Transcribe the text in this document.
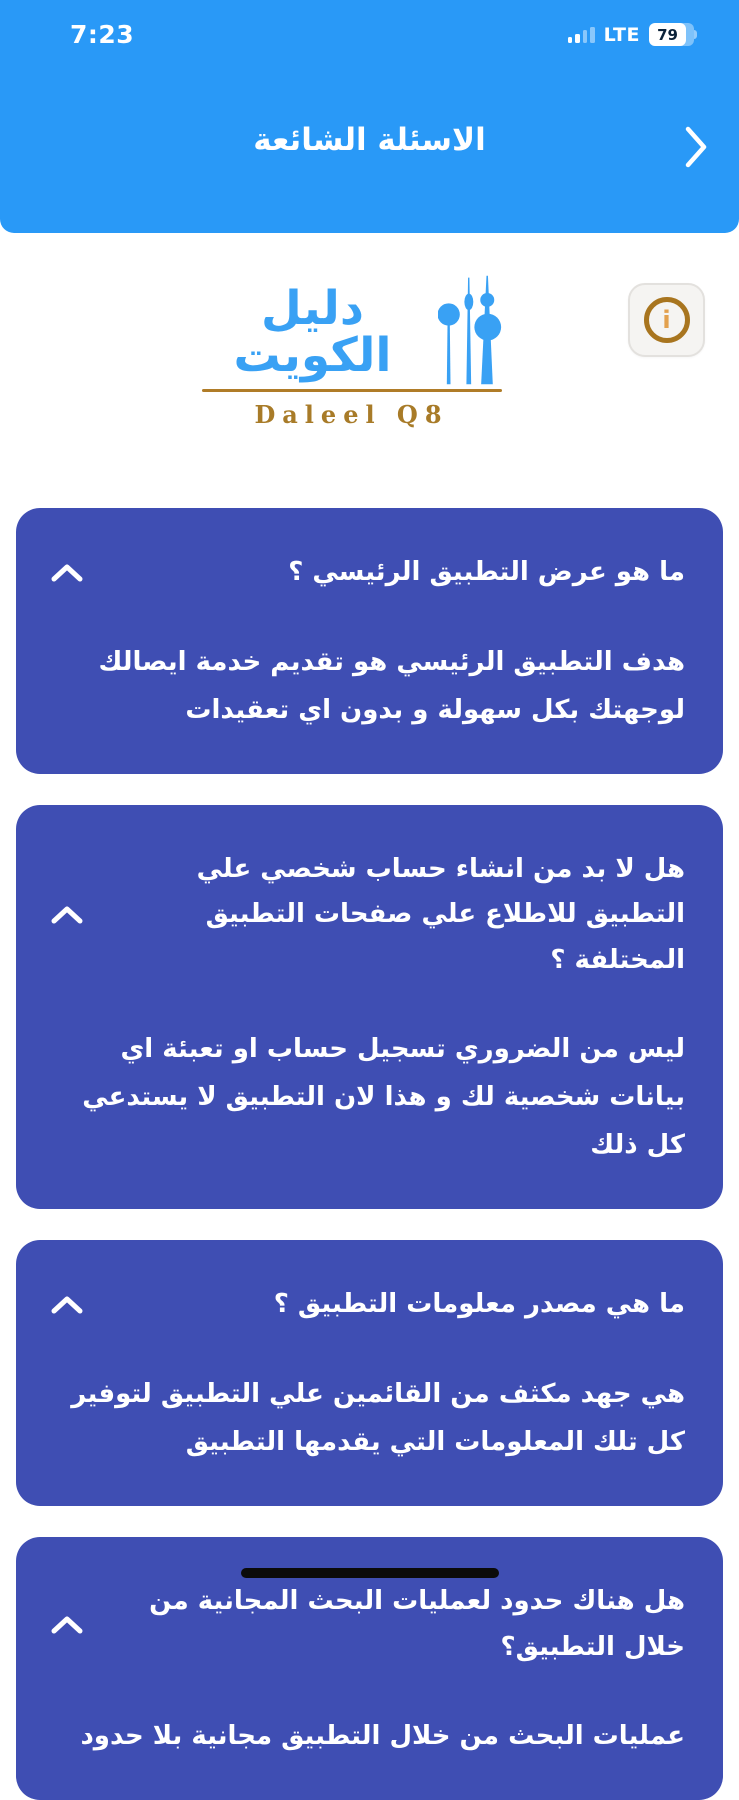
7:23	LTE	79
الاسئلة الشائعة
دليل الكويت
Daleel Q8
i
ما هو عرض التطبيق الرئيسي ؟
هدف التطبيق الرئيسي هو تقديم خدمة ايصالك لوجهتك بكل سهولة و بدون اي تعقيدات
هل لا بد من انشاء حساب شخصي علي التطبيق للاطلاع علي صفحات التطبيق المختلفة ؟
ليس من الضروري تسجيل حساب او تعبئة اي بيانات شخصية لك و هذا لان التطبيق لا يستدعي كل ذلك
ما هي مصدر معلومات التطبيق ؟
هي جهد مكثف من القائمين علي التطبيق لتوفير كل تلك المعلومات التي يقدمها التطبيق
هل هناك حدود لعمليات البحث المجانية من خلال التطبيق؟
عمليات البحث من خلال التطبيق مجانية بلا حدود
